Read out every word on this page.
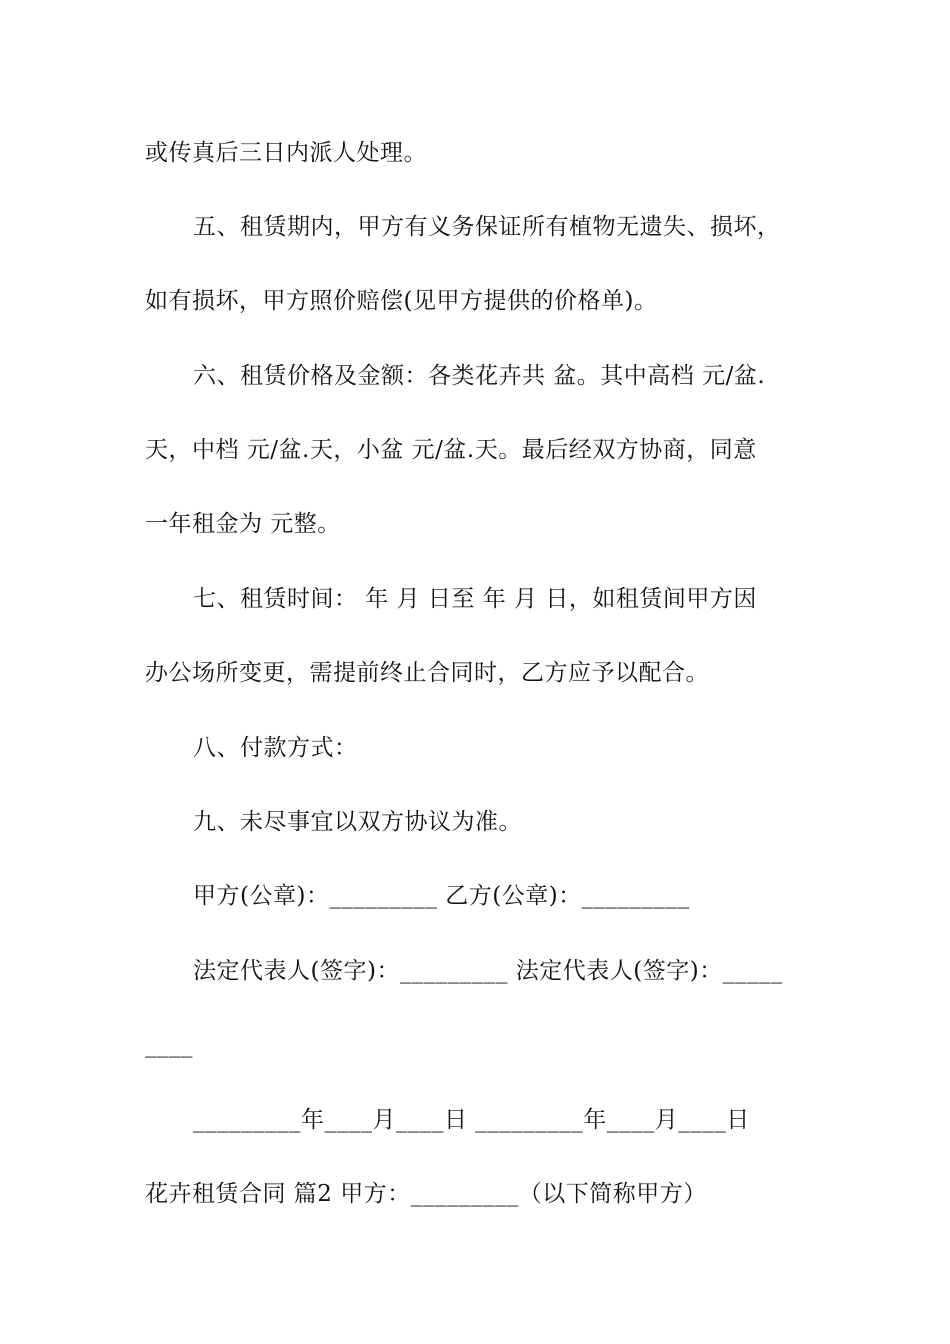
或传真后三日内派人处理。
五、租赁期内，甲方有义务保证所有植物无遗失、损坏，
如有损坏，甲方照价赔偿(见甲方提供的价格单)。
六、租赁价格及金额：各类花卉共 盆。其中高档 元/盆.
天，中档 元/盆.天，小盆 元/盆.天。最后经双方协商，同意
一年租金为 元整。
七、租赁时间： 年 月 日至 年 月 日，如租赁间甲方因
办公场所变更，需提前终止合同时，乙方应予以配合。
八、付款方式：
九、未尽事宜以双方协议为准。
甲方(公章)：_________ 乙方(公章)：_________
法定代表人(签字)：_________ 法定代表人(签字)：_____
____
_________年____月____日 _________年____月____日
花卉租赁合同 篇2 甲方：_________（以下简称甲方）
